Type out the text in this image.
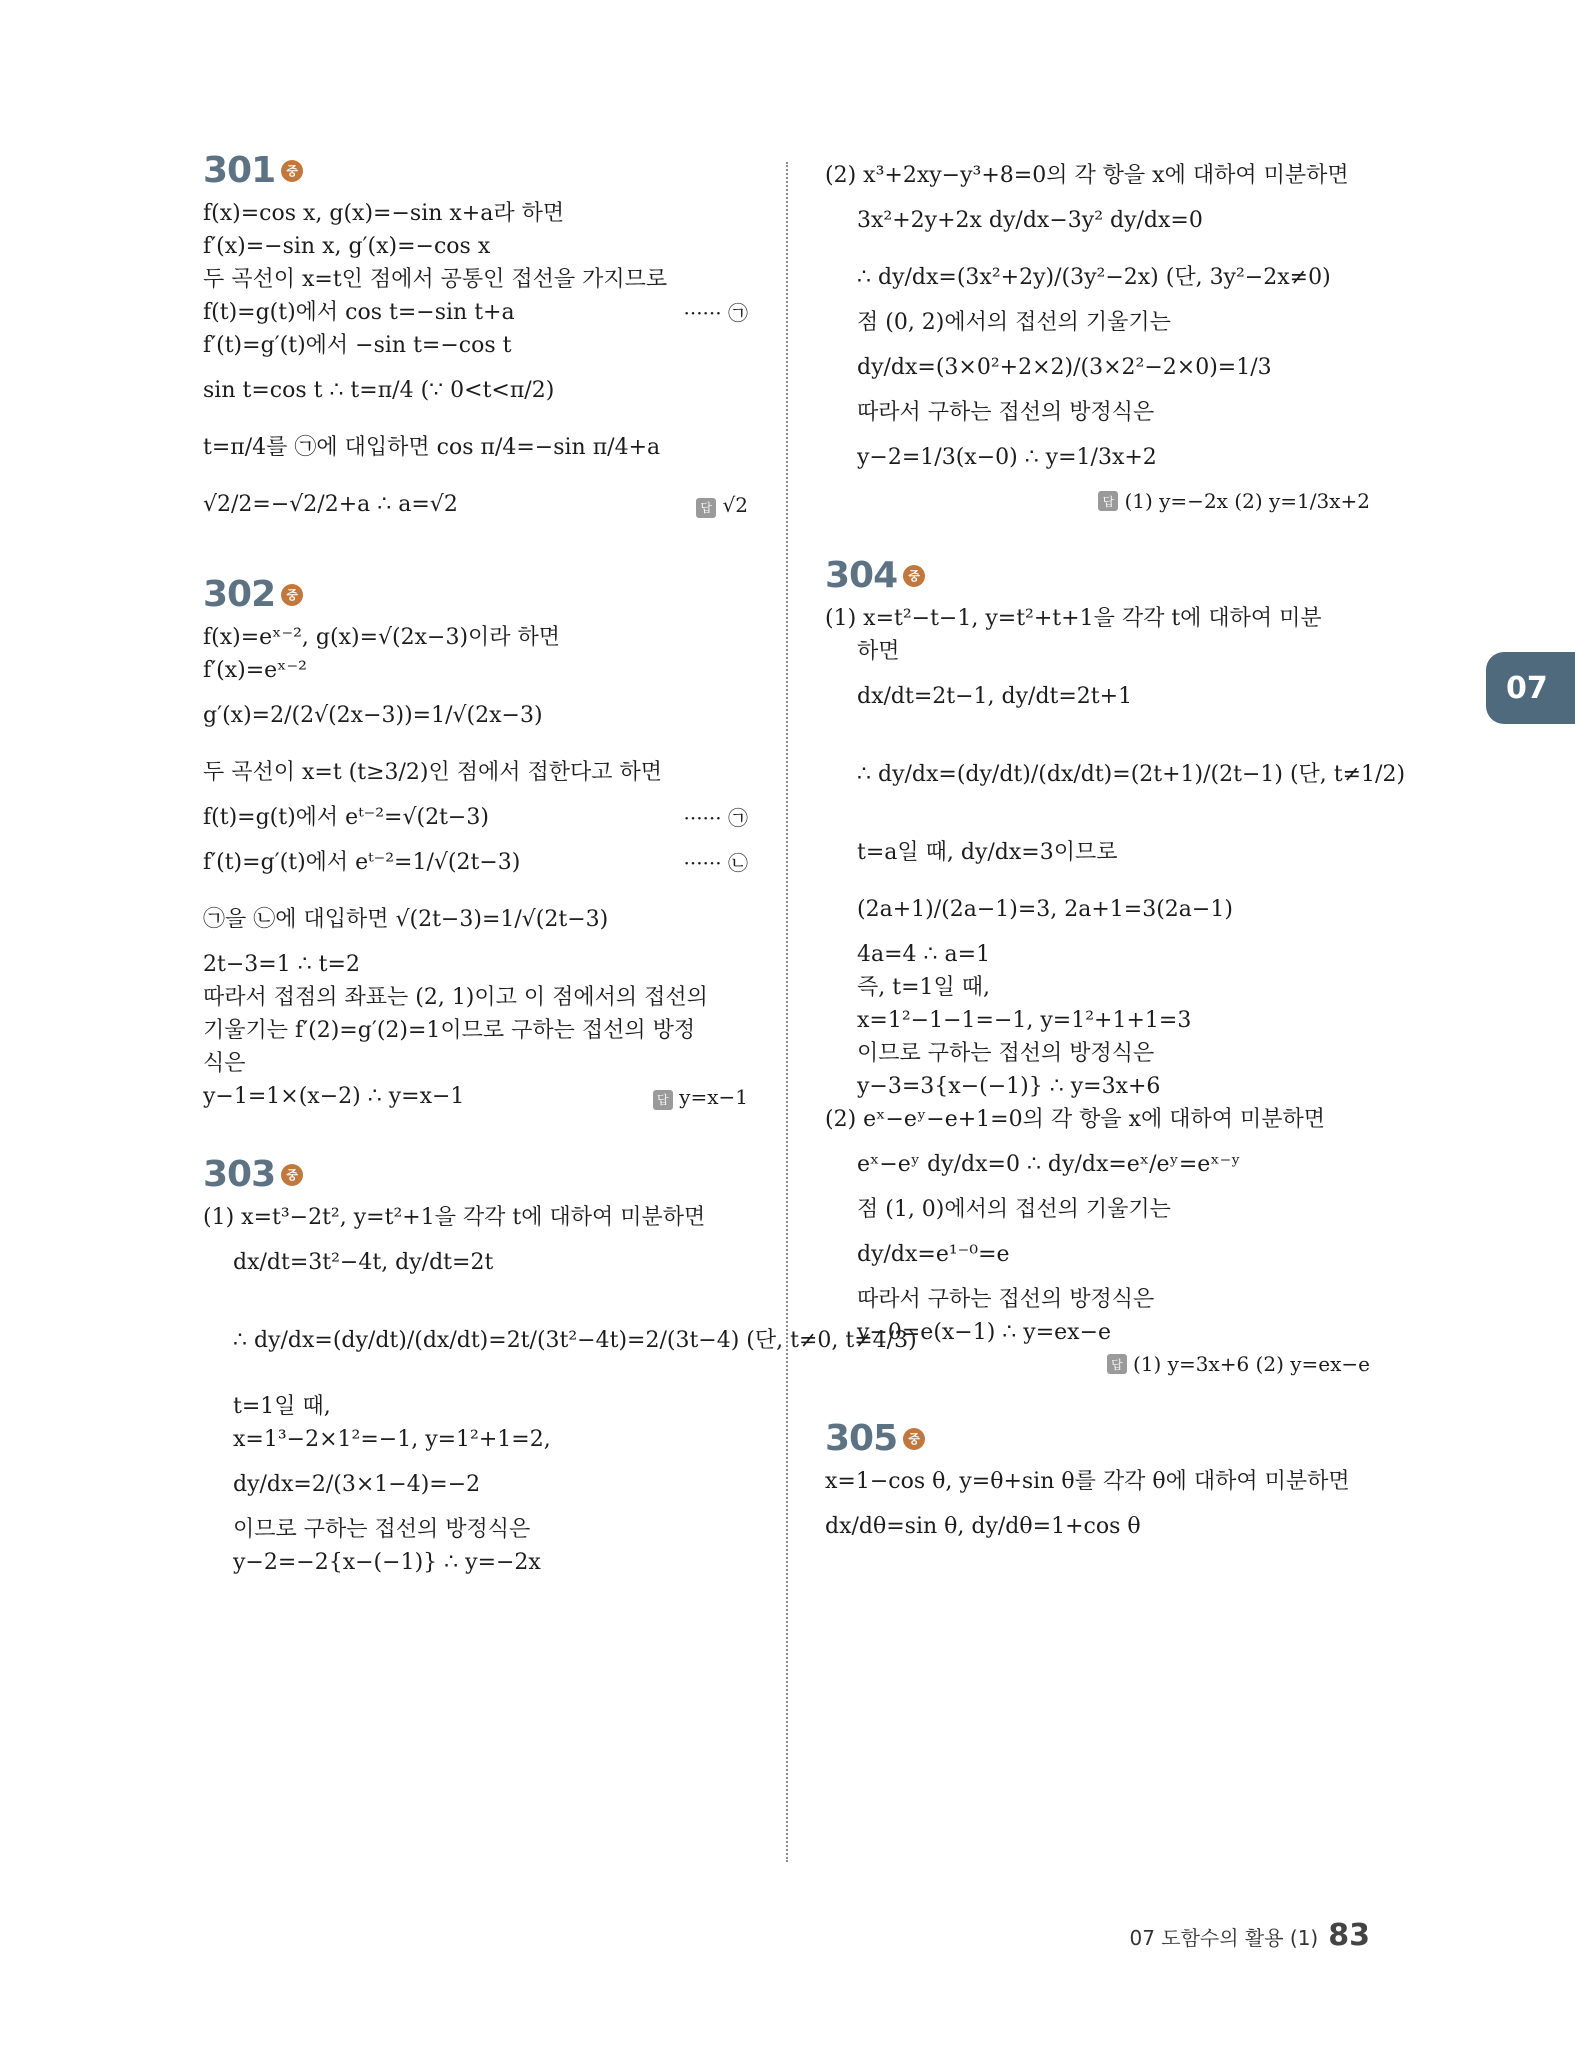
301 중
f(x)=cos x, g(x)=−sin x+a라 하면
f′(x)=−sin x, g′(x)=−cos x
두 곡선이 x=t인 점에서 공통인 접선을 가지므로
f(t)=g(t)에서 cos t=−sin t+a	······ ㉠
f′(t)=g′(t)에서 −sin t=−cos t
sin t=cos t ∴ t=π/4 (∵ 0<t<π/2)
t=π/4를 ㉠에 대입하면 cos π/4=−sin π/4+a
√2/2=−√2/2+a ∴ a=√2	답 √2
302 중
f(x)=eˣ⁻², g(x)=√(2x−3)이라 하면
f′(x)=eˣ⁻²
g′(x)=2/(2√(2x−3))=1/√(2x−3)
두 곡선이 x=t (t≥3/2)인 점에서 접한다고 하면
f(t)=g(t)에서 eᵗ⁻²=√(2t−3)	······ ㉠
f′(t)=g′(t)에서 eᵗ⁻²=1/√(2t−3)	······ ㉡
㉠을 ㉡에 대입하면 √(2t−3)=1/√(2t−3)
2t−3=1 ∴ t=2
따라서 접점의 좌표는 (2, 1)이고 이 점에서의 접선의
기울기는 f′(2)=g′(2)=1이므로 구하는 접선의 방정
식은
y−1=1×(x−2) ∴ y=x−1	답 y=x−1
303 중
(1) x=t³−2t², y=t²+1을 각각 t에 대하여 미분하면
dx/dt=3t²−4t, dy/dt=2t
∴ dy/dx=(dy/dt)/(dx/dt)=2t/(3t²−4t)=2/(3t−4) (단, t≠0, t≠4/3)
t=1일 때,
x=1³−2×1²=−1, y=1²+1=2,
dy/dx=2/(3×1−4)=−2
이므로 구하는 접선의 방정식은
y−2=−2{x−(−1)} ∴ y=−2x
(2) x³+2xy−y³+8=0의 각 항을 x에 대하여 미분하면
3x²+2y+2x dy/dx−3y² dy/dx=0
∴ dy/dx=(3x²+2y)/(3y²−2x) (단, 3y²−2x≠0)
점 (0, 2)에서의 접선의 기울기는
dy/dx=(3×0²+2×2)/(3×2²−2×0)=1/3
따라서 구하는 접선의 방정식은
y−2=1/3(x−0) ∴ y=1/3x+2
답 (1) y=−2x (2) y=1/3x+2
304 중
(1) x=t²−t−1, y=t²+t+1을 각각 t에 대하여 미분
하면
dx/dt=2t−1, dy/dt=2t+1
∴ dy/dx=(dy/dt)/(dx/dt)=(2t+1)/(2t−1) (단, t≠1/2)
t=a일 때, dy/dx=3이므로
(2a+1)/(2a−1)=3, 2a+1=3(2a−1)
4a=4 ∴ a=1
즉, t=1일 때,
x=1²−1−1=−1, y=1²+1+1=3
이므로 구하는 접선의 방정식은
y−3=3{x−(−1)} ∴ y=3x+6
(2) eˣ−eʸ−e+1=0의 각 항을 x에 대하여 미분하면
eˣ−eʸ dy/dx=0 ∴ dy/dx=eˣ/eʸ=eˣ⁻ʸ
점 (1, 0)에서의 접선의 기울기는
dy/dx=e¹⁻⁰=e
따라서 구하는 접선의 방정식은
y−0=e(x−1) ∴ y=ex−e
답 (1) y=3x+6 (2) y=ex−e
305 중
x=1−cos θ, y=θ+sin θ를 각각 θ에 대하여 미분하면
dx/dθ=sin θ, dy/dθ=1+cos θ
07
07 도함수의 활용 (1) 83
